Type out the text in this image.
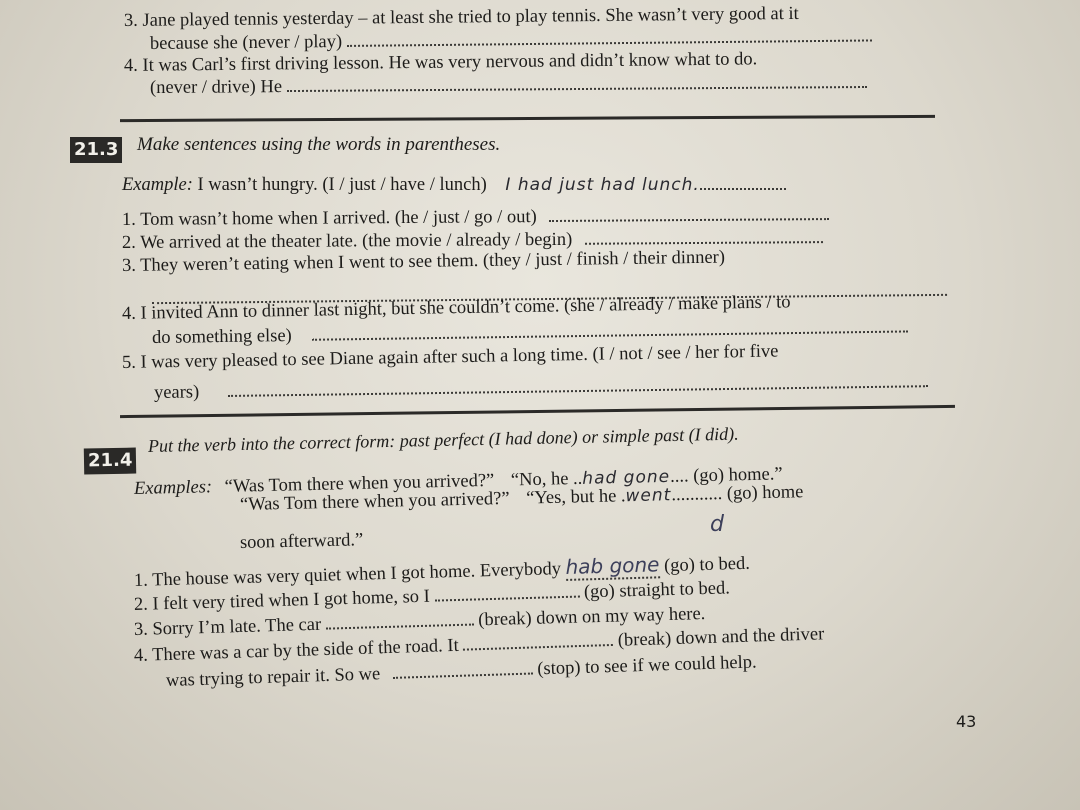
3. Jane played tennis yesterday – at least she tried to play tennis. She wasn’t very good at it
because she (never / play)
4. It was Carl’s first driving lesson. He was very nervous and didn’t know what to do.
(never / drive) He
21.3 Make sentences using the words in parentheses.
Example: I wasn’t hungry. (I / just / have / lunch) I had just had lunch.
1. Tom wasn’t home when I arrived. (he / just / go / out)
2. We arrived at the theater late. (the movie / already / begin)
3. They weren’t eating when I went to see them. (they / just / finish / their dinner)
4. I invited Ann to dinner last night, but she couldn’t come. (she / already / make plans / to
do something else)
5. I was very pleased to see Diane again after such a long time. (I / not / see / her for five
years)
21.4
Put the verb into the correct form: past perfect (I had done) or simple past (I did).
Examples: “Was Tom there when you arrived?” “No, he ..had gone.... (go) home.”
“Was Tom there when you arrived?” “Yes, but he .went........... (go) home
d
soon afterward.”
1. The house was very quiet when I got home. Everybody hab gone (go) to bed.
2. I felt very tired when I got home, so I	(go) straight to bed.
3. Sorry I’m late. The car	(break) down on my way here.
4. There was a car by the side of the road. It	(break) down and the driver
was trying to repair it. So we	(stop) to see if we could help.
43
